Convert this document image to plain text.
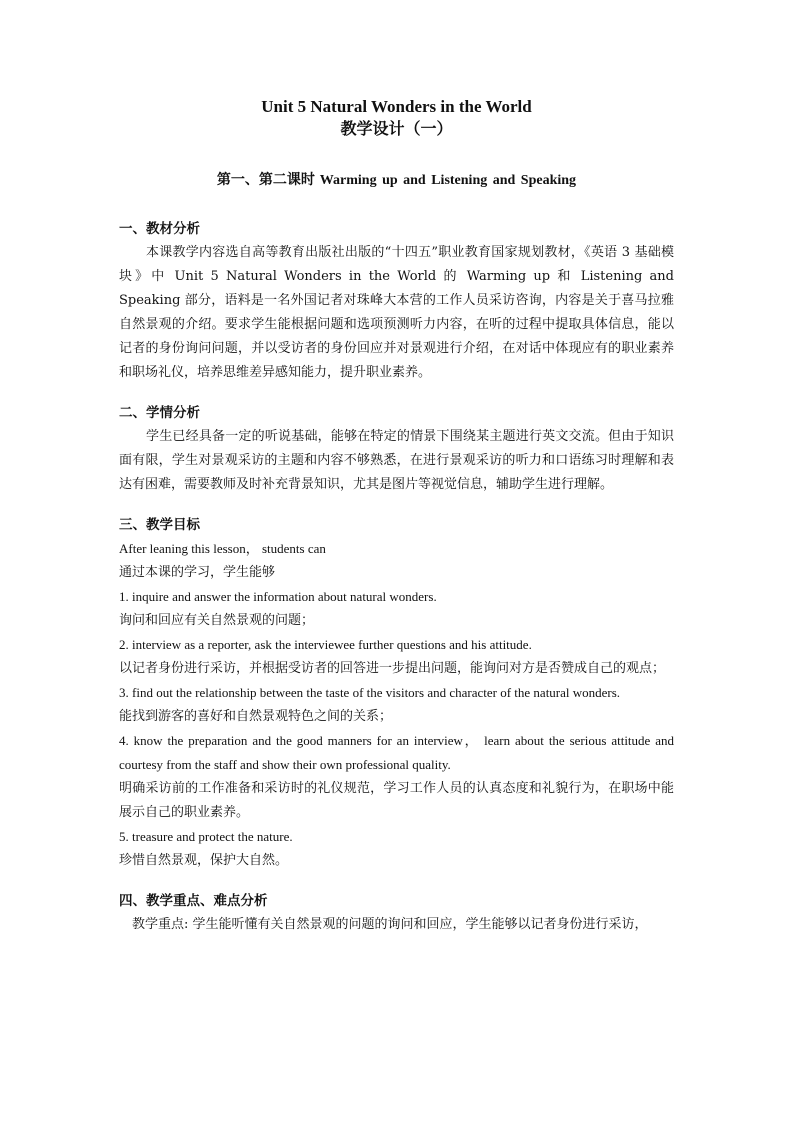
Unit 5 Natural Wonders in the World
教学设计（一）
第一、第二课时 Warming up and Listening and Speaking
一、教材分析

本课教学内容选自高等教育出版社出版的“十四五”职业教育国家规划教材，《英语 3 基础模块》中 Unit 5 Natural Wonders in the World 的 Warming up 和 Listening and Speaking 部分，语料是一名外国记者对珠峰大本营的工作人员采访咨询，内容是关于喜马拉雅自然景观的介绍。要求学生能根据问题和选项预测听力内容，在听的过程中提取具体信息，能以记者的身份询问问题，并以受访者的身份回应并对景观进行介绍，在对话中体现应有的职业素养和职场礼仪，培养思维差异感知能力，提升职业素养。

二、学情分析

学生已经具备一定的听说基础，能够在特定的情景下围绕某主题进行英文交流。但由于知识面有限，学生对景观采访的主题和内容不够熟悉，在进行景观采访的听力和口语练习时理解和表达有困难，需要教师及时补充背景知识，尤其是图片等视觉信息，辅助学生进行理解。

三、教学目标

After leaning this lesson， students can

通过本课的学习，学生能够

1. inquire and answer the information about natural wonders.

询问和回应有关自然景观的问题；

2. interview as a reporter, ask the interviewee further questions and his attitude.

以记者身份进行采访，并根据受访者的回答进一步提出问题，能询问对方是否赞成自己的观点；

3. find out the relationship between the taste of the visitors and character of the natural wonders.

能找到游客的喜好和自然景观特色之间的关系；

4. know the preparation and the good manners for an interview， learn about the serious attitude and courtesy from the staff and show their own professional quality.

明确采访前的工作准备和采访时的礼仪规范，学习工作人员的认真态度和礼貌行为，在职场中能展示自己的职业素养。

5. treasure and protect the nature.

珍惜自然景观，保护大自然。

四、教学重点、难点分析

教学重点: 学生能听懂有关自然景观的问题的询问和回应，学生能够以记者身份进行采访，
